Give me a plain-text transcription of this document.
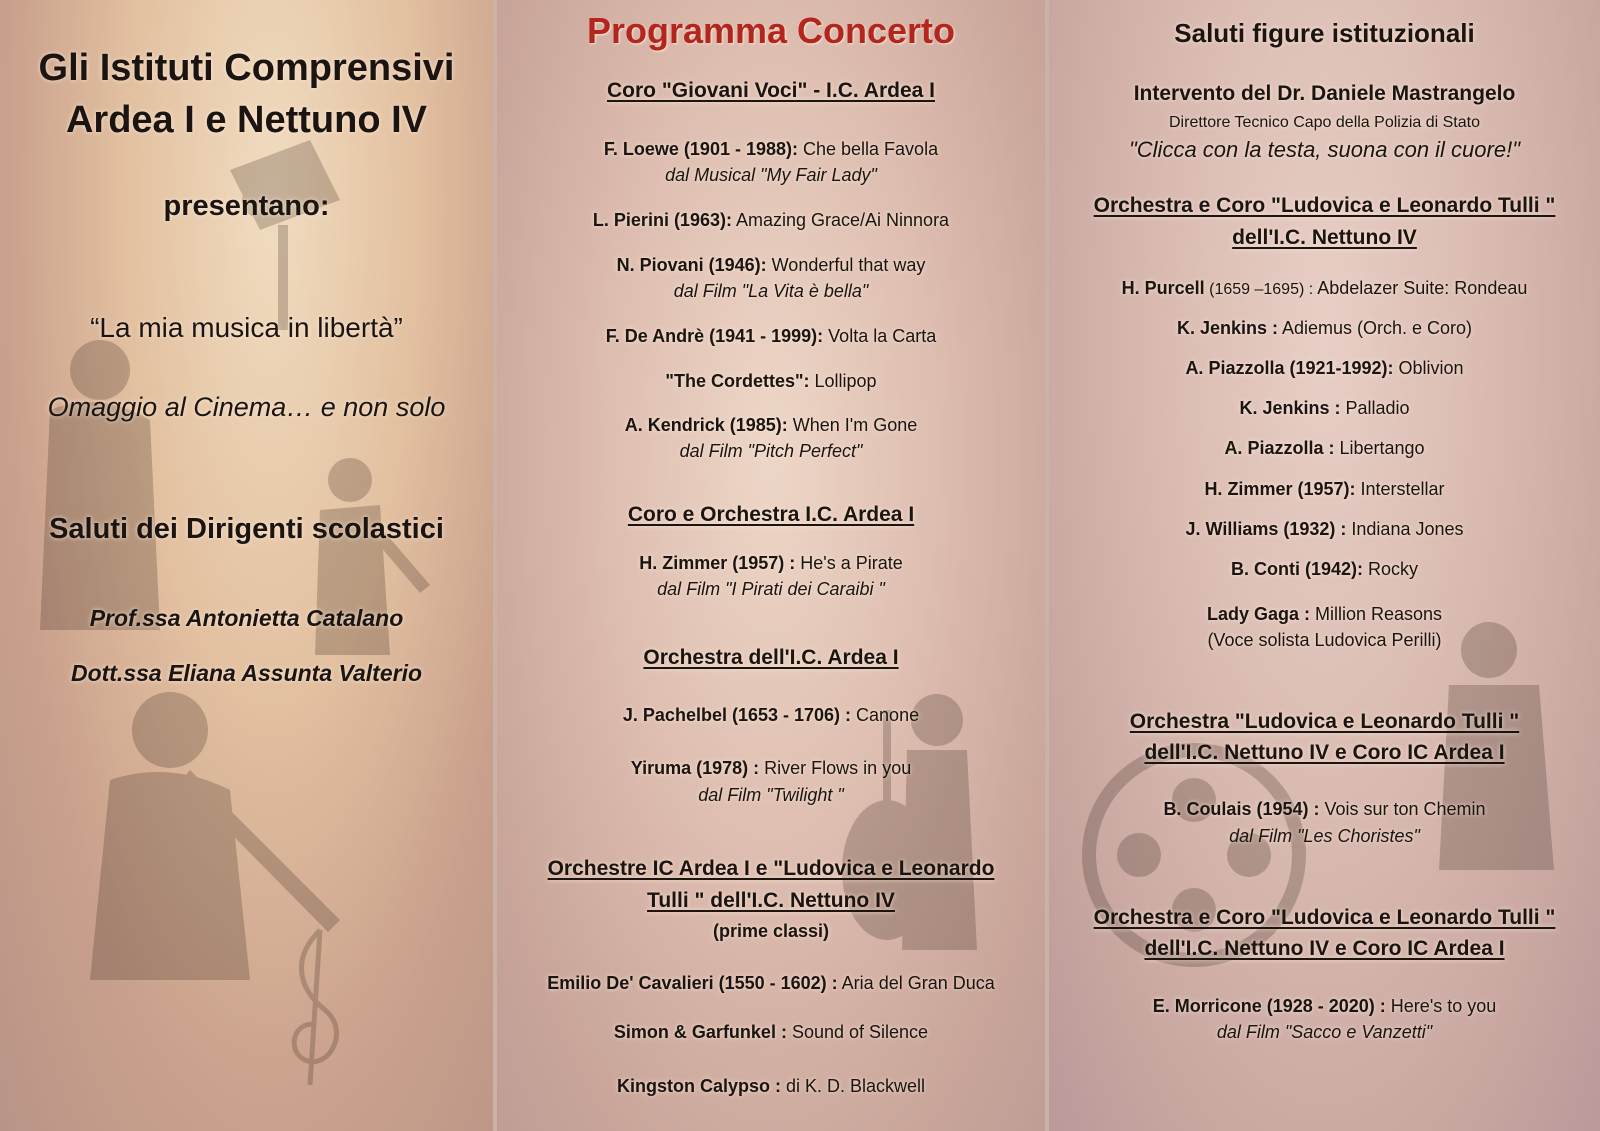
Gli Istituti Comprensivi
Ardea I e Nettuno IV
presentano:
“La mia musica in libertà”
Omaggio al Cinema… e non solo
Saluti dei Dirigenti scolastici
Prof.ssa Antonietta Catalano
Dott.ssa Eliana Assunta Valterio
Programma Concerto
Coro "Giovani Voci" - I.C. Ardea I
F. Loewe (1901 - 1988): Che bella Favola
dal Musical "My Fair Lady"
L. Pierini (1963): Amazing Grace/Ai Ninnora
N. Piovani (1946): Wonderful that way
dal Film "La Vita è bella"
F. De Andrè (1941 - 1999): Volta la Carta
"The Cordettes": Lollipop
A. Kendrick (1985): When I'm Gone
dal Film "Pitch Perfect"
Coro e Orchestra I.C. Ardea I
H. Zimmer (1957) : He's a Pirate
dal Film "I Pirati dei Caraibi "
Orchestra dell'I.C. Ardea I
J. Pachelbel (1653 - 1706) : Canone
Yiruma (1978) : River Flows in you
dal Film "Twilight "
Orchestre IC Ardea I e "Ludovica e Leonardo
Tulli " dell'I.C. Nettuno IV
(prime classi)
Emilio De' Cavalieri (1550 - 1602) : Aria del Gran Duca
Simon & Garfunkel : Sound of Silence
Kingston Calypso : di K. D. Blackwell
Saluti figure istituzionali
Intervento del Dr. Daniele Mastrangelo
Direttore Tecnico Capo della Polizia di Stato
"Clicca con la testa, suona con il cuore!"
Orchestra e Coro "Ludovica e Leonardo Tulli "
dell'I.C. Nettuno IV
H. Purcell (1659 –1695) : Abdelazer Suite: Rondeau
K. Jenkins : Adiemus (Orch. e Coro)
A. Piazzolla (1921-1992): Oblivion
K. Jenkins : Palladio
A. Piazzolla : Libertango
H. Zimmer (1957): Interstellar
J. Williams (1932) : Indiana Jones
B. Conti (1942): Rocky
Lady Gaga : Million Reasons
(Voce solista Ludovica Perilli)
Orchestra "Ludovica e Leonardo Tulli "
dell'I.C. Nettuno IV e Coro IC Ardea I
B. Coulais (1954) : Vois sur ton Chemin
dal Film "Les Choristes"
Orchestra e Coro "Ludovica e Leonardo Tulli "
dell'I.C. Nettuno IV e Coro IC Ardea I
E. Morricone (1928 - 2020) : Here's to you
dal Film "Sacco e Vanzetti"
